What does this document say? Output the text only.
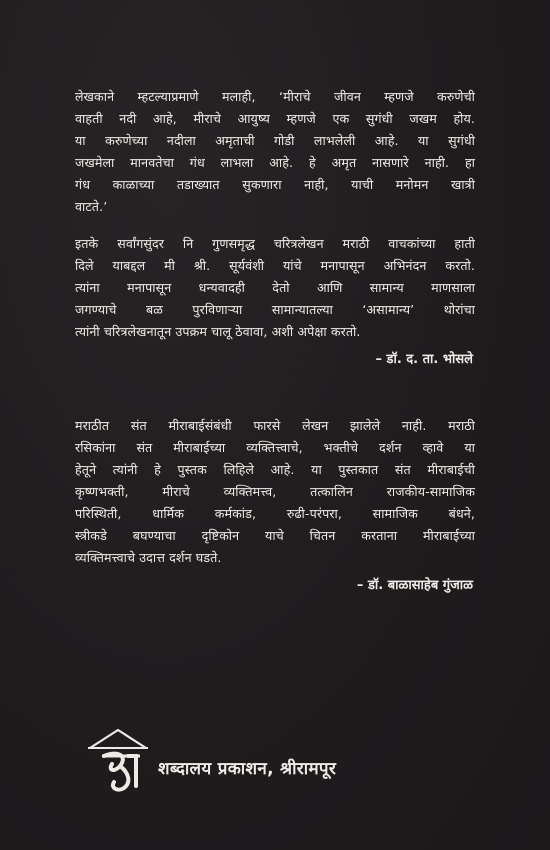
लेखकाने म्हटल्याप्रमाणे मलाही, ‘मीराचे जीवन म्हणजे करुणेची
वाहती नदी आहे, मीराचे आयुष्य म्हणजे एक सुगंधी जखम होय.
या करुणेच्या नदीला अमृताची गोडी लाभलेली आहे. या सुगंधी
जखमेला मानवतेचा गंध लाभला आहे. हे अमृत नासणारे नाही. हा
गंध काळाच्या तडाख्यात सुकणारा नाही, याची मनोमन खात्री
वाटते.’

इतके सर्वांगसुंदर नि गुणसमृद्ध चरित्रलेखन मराठी वाचकांच्या हाती
दिले याबद्दल मी श्री. सूर्यवंशी यांचे मनापासून अभिनंदन करतो.
त्यांना मनापासून धन्यवादही देतो आणि सामान्य माणसाला
जगण्याचे बळ पुरविणाऱ्या सामान्यातल्या ‘असामान्य’ थोरांचा
त्यांनी चरित्रलेखनातून उपक्रम चालू ठेवावा, अशी अपेक्षा करतो.

– डॉ. द. ता. भोसले

मराठीत संत मीराबाईसंबंधी फारसे लेखन झालेले नाही. मराठी
रसिकांना संत मीराबाईच्या व्यक्तित्त्वाचे, भक्तीचे दर्शन व्हावे या
हेतूने त्यांनी हे पुस्तक लिहिले आहे. या पुस्तकात संत मीराबाईची
कृष्णभक्ती, मीराचे व्यक्तिमत्त्व, तत्कालिन राजकीय-सामाजिक
परिस्थिती, धार्मिक कर्मकांड, रुढी-परंपरा, सामाजिक बंधने,
स्त्रीकडे बघण्याचा दृष्टिकोन याचे चितन करताना मीराबाईच्या
व्यक्तिमत्त्वाचे उदात्त दर्शन घडते.

– डॉ. बाळासाहेब गुंजाळ
शब्दालय प्रकाशन, श्रीरामपूर
